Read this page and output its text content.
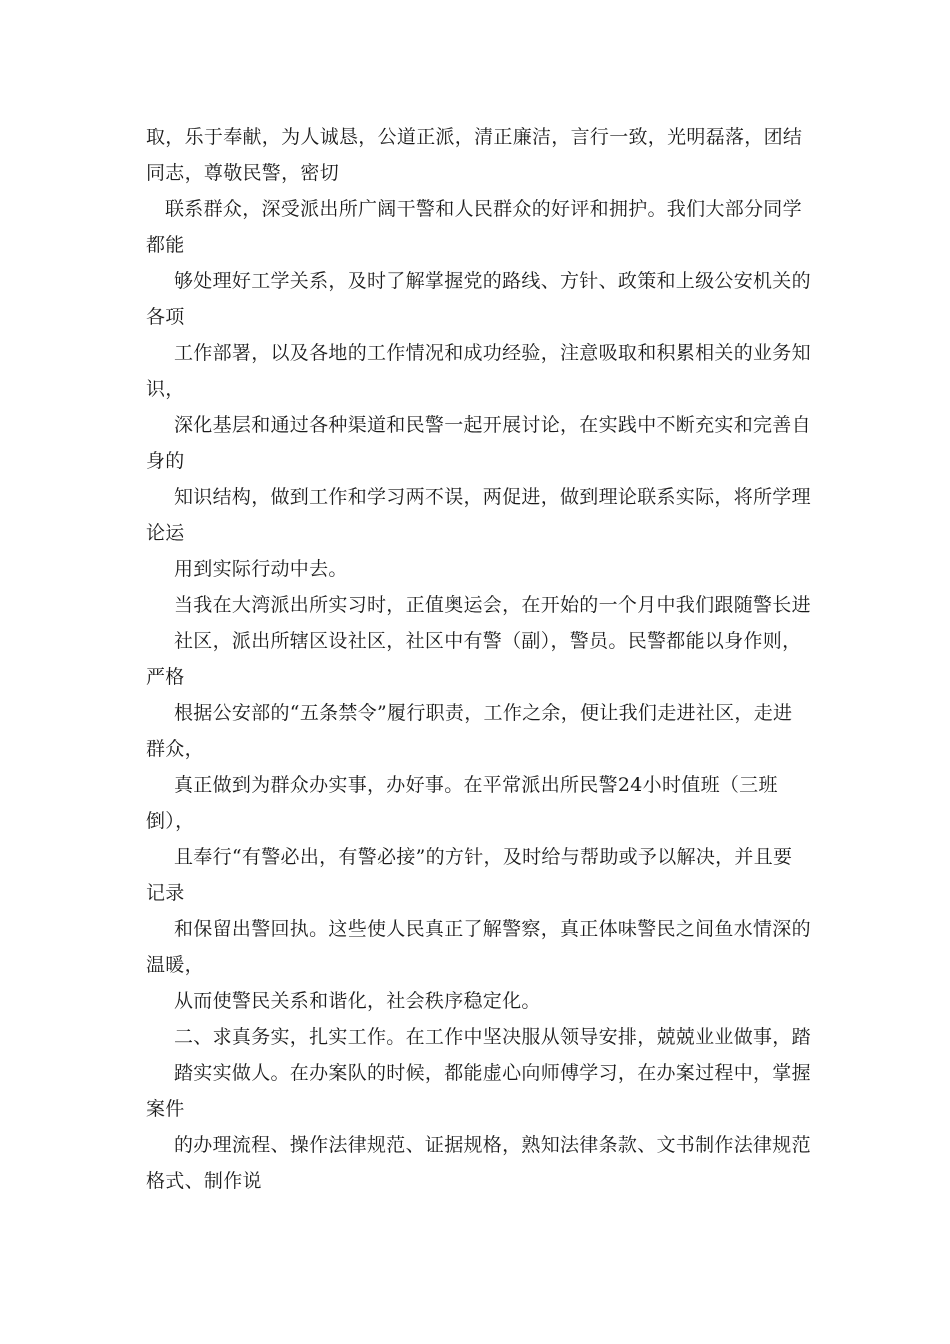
取，乐于奉献，为人诚恳，公道正派，清正廉洁，言行一致，光明磊落，团结
同志，尊敬民警，密切
联系群众，深受派出所广阔干警和人民群众的好评和拥护。我们大部分同学
都能
够处理好工学关系，及时了解掌握党的路线、方针、政策和上级公安机关的
各项
工作部署，以及各地的工作情况和成功经验，注意吸取和积累相关的业务知
识，
深化基层和通过各种渠道和民警一起开展讨论，在实践中不断充实和完善自
身的
知识结构，做到工作和学习两不误，两促进，做到理论联系实际，将所学理
论运
用到实际行动中去。
当我在大湾派出所实习时，正值奥运会，在开始的一个月中我们跟随警长进
社区，派出所辖区设社区，社区中有警（副），警员。民警都能以身作则，
严格
根据公安部的“五条禁令”履行职责，工作之余，便让我们走进社区，走进
群众，
真正做到为群众办实事，办好事。在平常派出所民警24小时值班（三班
倒），
且奉行“有警必出，有警必接”的方针，及时给与帮助或予以解决，并且要
记录
和保留出警回执。这些使人民真正了解警察，真正体味警民之间鱼水情深的
温暖，
从而使警民关系和谐化，社会秩序稳定化。
二、求真务实，扎实工作。在工作中坚决服从领导安排，兢兢业业做事，踏
踏实实做人。在办案队的时候，都能虚心向师傅学习，在办案过程中，掌握
案件
的办理流程、操作法律规范、证据规格，熟知法律条款、文书制作法律规范
格式、制作说
